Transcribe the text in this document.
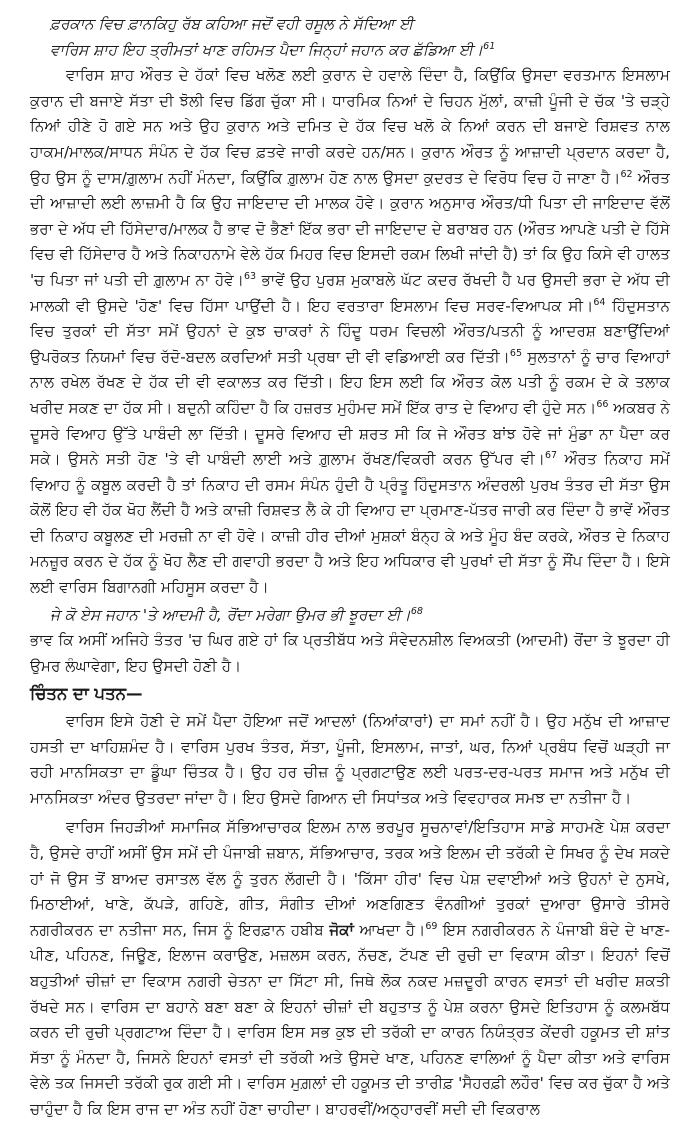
ਫ਼ਰਕਾਨ ਵਿਚ ਫ਼ਾਨਕਿਹੁ ਰੱਬ ਕਹਿਆ ਜਦੋਂ ਵਹੀ ਰਸੂਲ ਨੇ ਸੱਦਿਆ ਈ
ਵਾਰਿਸ ਸ਼ਾਹ ਇਹ ਤ੍ਰੀਮਤਾਂ ਖਾਣ ਰਹਿਮਤ ਪੈਦਾ ਜਿਨ੍ਹਾਂ ਜਹਾਨ ਕਰ ਛੱਡਿਆ ਈ।$^{61}$

ਵਾਰਿਸ ਸ਼ਾਹ ਔਰਤ ਦੇ ਹੱਕਾਂ ਵਿਚ ਖਲੋਣ ਲਈ ਕੁਰਾਨ ਦੇ ਹਵਾਲੇ ਦਿੰਦਾ ਹੈ, ਕਿਉਂਕਿ ਉਸਦਾ ਵਰਤਮਾਨ ਇਸਲਾਮ ਕੁਰਾਨ ਦੀ ਬਜਾਏ ਸੱਤਾ ਦੀ ਝੋਲੀ ਵਿਚ ਡਿੱਗ ਚੁੱਕਾ ਸੀ। ਧਾਰਮਿਕ ਨਿਆਂ ਦੇ ਚਿਹਨ ਮੁੱਲਾਂ, ਕਾਜ਼ੀ ਪੂੰਜੀ ਦੇ ਚੱਕ 'ਤੇ ਚੜ੍ਹੇ ਨਿਆਂ ਹੀਣੇ ਹੋ ਗਏ ਸਨ ਅਤੇ ਉਹ ਕੁਰਾਨ ਅਤੇ ਦਮਿਤ ਦੇ ਹੱਕ ਵਿਚ ਖਲੋ ਕੇ ਨਿਆਂ ਕਰਨ ਦੀ ਬਜਾਏ ਰਿਸ਼ਵਤ ਨਾਲ ਹਾਕਮ/ਮਾਲਕ/ਸਾਧਨ ਸੰਪੰਨ ਦੇ ਹੱਕ ਵਿਚ ਫ਼ਤਵੇ ਜਾਰੀ ਕਰਦੇ ਹਨ/ਸਨ। ਕੁਰਾਨ ਔਰਤ ਨੂੰ ਆਜ਼ਾਦੀ ਪ੍ਰਦਾਨ ਕਰਦਾ ਹੈ, ਉਹ ਉਸ ਨੂੰ ਦਾਸ/ਗ਼ੁਲਾਮ ਨਹੀਂ ਮੰਨਦਾ, ਕਿਉਂਕਿ ਗ਼ੁਲਾਮ ਹੋਣ ਨਾਲ ਉਸਦਾ ਕੁਦਰਤ ਦੇ ਵਿਰੋਧ ਵਿਚ ਹੋ ਜਾਣਾ ਹੈ।$^{62}$ ਔਰਤ ਦੀ ਆਜ਼ਾਦੀ ਲਈ ਲਾਜ਼ਮੀ ਹੈ ਕਿ ਉਹ ਜਾਇਦਾਦ ਦੀ ਮਾਲਕ ਹੋਵੇ। ਕੁਰਾਨ ਅਨੁਸਾਰ ਔਰਤ/ਧੀ ਪਿਤਾ ਦੀ ਜਾਇਦਾਦ ਵੱਲੋਂ ਭਰਾ ਦੇ ਅੱਧ ਦੀ ਹਿੱਸੇਦਾਰ/ਮਾਲਕ ਹੈ ਭਾਵ ਦੋ ਭੈਣਾਂ ਇੱਕ ਭਰਾ ਦੀ ਜਾਇਦਾਦ ਦੇ ਬਰਾਬਰ ਹਨ (ਔਰਤ ਆਪਣੇ ਪਤੀ ਦੇ ਹਿੱਸੇ ਵਿਚ ਵੀ ਹਿੱਸੇਦਾਰ ਹੈ ਅਤੇ ਨਿਕਾਹਨਾਮੇ ਵੇਲੇ ਹੱਕ ਮਿਹਰ ਵਿਚ ਇਸਦੀ ਰਕਮ ਲਿਖੀ ਜਾਂਦੀ ਹੈ) ਤਾਂ ਕਿ ਉਹ ਕਿਸੇ ਵੀ ਹਾਲਤ 'ਚ ਪਿਤਾ ਜਾਂ ਪਤੀ ਦੀ ਗ਼ੁਲਾਮ ਨਾ ਹੋਵੇ।$^{63}$ ਭਾਵੇਂ ਉਹ ਪੁਰਸ਼ ਮੁਕਾਬਲੇ ਘੱਟ ਕਦਰ ਰੱਖਦੀ ਹੈ ਪਰ ਉਸਦੀ ਭਰਾ ਦੇ ਅੱਧ ਦੀ ਮਾਲਕੀ ਵੀ ਉਸਦੇ 'ਹੋਣ' ਵਿਚ ਹਿੱਸਾ ਪਾਉਂਦੀ ਹੈ। ਇਹ ਵਰਤਾਰਾ ਇਸਲਾਮ ਵਿਚ ਸਰਵ-ਵਿਆਪਕ ਸੀ।$^{64}$ ਹਿੰਦੁਸਤਾਨ ਵਿਚ ਤੁਰਕਾਂ ਦੀ ਸੱਤਾ ਸਮੇਂ ਉਹਨਾਂ ਦੇ ਕੁਝ ਚਾਕਰਾਂ ਨੇ ਹਿੰਦੂ ਧਰਮ ਵਿਚਲੀ ਔਰਤ/ਪਤਨੀ ਨੂੰ ਆਦਰਸ਼ ਬਣਾਉਂਦਿਆਂ ਉਪਰੋਕਤ ਨਿਯਮਾਂ ਵਿਚ ਰੱਦੋ-ਬਦਲ ਕਰਦਿਆਂ ਸਤੀ ਪ੍ਰਥਾ ਦੀ ਵੀ ਵਡਿਆਈ ਕਰ ਦਿੱਤੀ।$^{65}$ ਸੁਲਤਾਨਾਂ ਨੂੰ ਚਾਰ ਵਿਆਹਾਂ ਨਾਲ ਰਖੇਲ ਰੱਖਣ ਦੇ ਹੱਕ ਦੀ ਵੀ ਵਕਾਲਤ ਕਰ ਦਿੱਤੀ। ਇਹ ਇਸ ਲਈ ਕਿ ਔਰਤ ਕੋਲ ਪਤੀ ਨੂੰ ਰਕਮ ਦੇ ਕੇ ਤਲਾਕ ਖਰੀਦ ਸਕਣ ਦਾ ਹੱਕ ਸੀ। ਬਦੁਨੀ ਕਹਿੰਦਾ ਹੈ ਕਿ ਹਜ਼ਰਤ ਮੁਹੰਮਦ ਸਮੇਂ ਇੱਕ ਰਾਤ ਦੇ ਵਿਆਹ ਵੀ ਹੁੰਦੇ ਸਨ।$^{66}$ ਅਕਬਰ ਨੇ ਦੂਸਰੇ ਵਿਆਹ ਉੱਤੇ ਪਾਬੰਦੀ ਲਾ ਦਿੱਤੀ। ਦੂਸਰੇ ਵਿਆਹ ਦੀ ਸ਼ਰਤ ਸੀ ਕਿ ਜੇ ਔਰਤ ਬਾਂਝ ਹੋਵੇ ਜਾਂ ਮੁੰਡਾ ਨਾ ਪੈਦਾ ਕਰ ਸਕੇ। ਉਸਨੇ ਸਤੀ ਹੋਣ 'ਤੇ ਵੀ ਪਾਬੰਦੀ ਲਾਈ ਅਤੇ ਗ਼ੁਲਾਮ ਰੱਖਣ/ਵਿਕਰੀ ਕਰਨ ਉੱਪਰ ਵੀ।$^{67}$ ਔਰਤ ਨਿਕਾਹ ਸਮੇਂ ਵਿਆਹ ਨੂੰ ਕਬੂਲ ਕਰਦੀ ਹੈ ਤਾਂ ਨਿਕਾਹ ਦੀ ਰਸਮ ਸੰਪੰਨ ਹੁੰਦੀ ਹੈ ਪ੍ਰੰਤੂ ਹਿੰਦੁਸਤਾਨ ਅੰਦਰਲੀ ਪੁਰਖ ਤੰਤਰ ਦੀ ਸੱਤਾ ਉਸ ਕੋਲੋਂ ਇਹ ਵੀ ਹੱਕ ਖੋਹ ਲੈਂਦੀ ਹੈ ਅਤੇ ਕਾਜ਼ੀ ਰਿਸ਼ਵਤ ਲੈ ਕੇ ਹੀ ਵਿਆਹ ਦਾ ਪ੍ਰਮਾਣ-ਪੱਤਰ ਜਾਰੀ ਕਰ ਦਿੰਦਾ ਹੈ ਭਾਵੇਂ ਔਰਤ ਦੀ ਨਿਕਾਹ ਕਬੂਲਣ ਦੀ ਮਰਜ਼ੀ ਨਾ ਵੀ ਹੋਵੇ। ਕਾਜ਼ੀ ਹੀਰ ਦੀਆਂ ਮੁਸ਼ਕਾਂ ਬੰਨ੍ਹ ਕੇ ਅਤੇ ਮੂੰਹ ਬੰਦ ਕਰਕੇ, ਔਰਤ ਦੇ ਨਿਕਾਹ ਮਨਜ਼ੂਰ ਕਰਨ ਦੇ ਹੱਕ ਨੂੰ ਖੋਹ ਲੈਣ ਦੀ ਗਵਾਹੀ ਭਰਦਾ ਹੈ ਅਤੇ ਇਹ ਅਧਿਕਾਰ ਵੀ ਪੁਰਖਾਂ ਦੀ ਸੱਤਾ ਨੂੰ ਸੌਂਪ ਦਿੰਦਾ ਹੈ। ਇਸੇ ਲਈ ਵਾਰਿਸ ਬਿਗਾਨਗੀ ਮਹਿਸੂਸ ਕਰਦਾ ਹੈ।

ਜੇ ਕੋ ਏਸ ਜਹਾਨ 'ਤੇ ਆਦਮੀ ਹੈ, ਰੋਂਦਾ ਮਰੇਗਾ ਉਮਰ ਭੀ ਝੂਰਦਾ ਈ।$^{68}$

ਭਾਵ ਕਿ ਅਸੀਂ ਅਜਿਹੇ ਤੰਤਰ 'ਚ ਘਿਰ ਗਏ ਹਾਂ ਕਿ ਪ੍ਰਤੀਬੱਧ ਅਤੇ ਸੰਵੇਦਨਸ਼ੀਲ ਵਿਅਕਤੀ (ਆਦਮੀ) ਰੋਂਦਾ ਤੇ ਝੂਰਦਾ ਹੀ ਉਮਰ ਲੰਘਾਵੇਗਾ, ਇਹ ਉਸਦੀ ਹੋਣੀ ਹੈ।

ਚਿੰਤਨ ਦਾ ਪਤਨ—

ਵਾਰਿਸ ਇਸੇ ਹੋਣੀ ਦੇ ਸਮੇਂ ਪੈਦਾ ਹੋਇਆ ਜਦੋਂ ਆਦਲਾਂ (ਨਿਆਂਕਾਰਾਂ) ਦਾ ਸਮਾਂ ਨਹੀਂ ਹੈ। ਉਹ ਮਨੁੱਖ ਦੀ ਆਜ਼ਾਦ ਹਸਤੀ ਦਾ ਖਾਹਿਸ਼ਮੰਦ ਹੈ। ਵਾਰਿਸ ਪੁਰਖ ਤੰਤਰ, ਸੱਤਾ, ਪੂੰਜੀ, ਇਸਲਾਮ, ਜਾਤਾਂ, ਘਰ, ਨਿਆਂ ਪ੍ਰਬੰਧ ਵਿਚੋਂ ਘੜ੍ਹੀ ਜਾ ਰਹੀ ਮਾਨਸਿਕਤਾ ਦਾ ਡੂੰਘਾ ਚਿੰਤਕ ਹੈ। ਉਹ ਹਰ ਚੀਜ਼ ਨੂੰ ਪ੍ਰਗਟਾਉਣ ਲਈ ਪਰਤ-ਦਰ-ਪਰਤ ਸਮਾਜ ਅਤੇ ਮਨੁੱਖ ਦੀ ਮਾਨਸਿਕਤਾ ਅੰਦਰ ਉਤਰਦਾ ਜਾਂਦਾ ਹੈ। ਇਹ ਉਸਦੇ ਗਿਆਨ ਦੀ ਸਿਧਾਂਤਕ ਅਤੇ ਵਿਵਹਾਰਕ ਸਮਝ ਦਾ ਨਤੀਜਾ ਹੈ।

ਵਾਰਿਸ ਜਿਹੜੀਆਂ ਸਮਾਜਿਕ ਸੱਭਿਆਚਾਰਕ ਇਲਮ ਨਾਲ ਭਰਪੂਰ ਸੂਚਨਾਵਾਂ/ਇਤਿਹਾਸ ਸਾਡੇ ਸਾਹਮਣੇ ਪੇਸ਼ ਕਰਦਾ ਹੈ, ਉਸਦੇ ਰਾਹੀਂ ਅਸੀਂ ਉਸ ਸਮੇਂ ਦੀ ਪੰਜਾਬੀ ਜ਼ਬਾਨ, ਸੱਭਿਆਚਾਰ, ਤਰਕ ਅਤੇ ਇਲਮ ਦੀ ਤਰੱਕੀ ਦੇ ਸਿਖਰ ਨੂੰ ਦੇਖ ਸਕਦੇ ਹਾਂ ਜੋ ਉਸ ਤੋਂ ਬਾਅਦ ਰਸਾਤਲ ਵੱਲ ਨੂੰ ਤੁਰਨ ਲੱਗਦੀ ਹੈ। 'ਕਿੱਸਾ ਹੀਰ' ਵਿਚ ਪੇਸ਼ ਦਵਾਈਆਂ ਅਤੇ ਉਹਨਾਂ ਦੇ ਨੁਸਖੇ, ਮਿਠਾਈਆਂ, ਖਾਣੇ, ਕੱਪੜੇ, ਗਹਿਣੇ, ਗੀਤ, ਸੰਗੀਤ ਦੀਆਂ ਅਣਗਿਣਤ ਵੰਨਗੀਆਂ ਤੁਰਕਾਂ ਦੁਆਰਾ ਉਸਾਰੇ ਤੀਸਰੇ ਨਗਰੀਕਰਨ ਦਾ ਨਤੀਜਾ ਸਨ, ਜਿਸ ਨੂੰ ਇਰਫ਼ਾਨ ਹਬੀਬ ਜੋਕਾਂ ਆਖਦਾ ਹੈ।$^{69}$ ਇਸ ਨਗਰੀਕਰਨ ਨੇ ਪੰਜਾਬੀ ਬੰਦੇ ਦੇ ਖਾਣ-ਪੀਣ, ਪਹਿਨਣ, ਜਿਊਣ, ਇਲਾਜ ਕਰਾਉਣ, ਮਜ਼ਲਸ ਕਰਨ, ਨੱਚਣ, ਟੱਪਣ ਦੀ ਰੁਚੀ ਦਾ ਵਿਕਾਸ ਕੀਤਾ। ਇਹਨਾਂ ਵਿਚੋਂ ਬਹੁਤੀਆਂ ਚੀਜ਼ਾਂ ਦਾ ਵਿਕਾਸ ਨਗਰੀ ਚੇਤਨਾ ਦਾ ਸਿੱਟਾ ਸੀ, ਜਿਥੇ ਲੋਕ ਨਕਦ ਮਜ਼ਦੂਰੀ ਕਾਰਨ ਵਸਤਾਂ ਦੀ ਖਰੀਦ ਸ਼ਕਤੀ ਰੱਖਦੇ ਸਨ। ਵਾਰਿਸ ਦਾ ਬਹਾਨੇ ਬਣਾ ਬਣਾ ਕੇ ਇਹਨਾਂ ਚੀਜ਼ਾਂ ਦੀ ਬਹੁਤਾਤ ਨੂੰ ਪੇਸ਼ ਕਰਨਾ ਉਸਦੇ ਇਤਿਹਾਸ ਨੂੰ ਕਲਮਬੱਧ ਕਰਨ ਦੀ ਰੁਚੀ ਪ੍ਰਗਟਾਅ ਦਿੰਦਾ ਹੈ। ਵਾਰਿਸ ਇਸ ਸਭ ਕੁਝ ਦੀ ਤਰੱਕੀ ਦਾ ਕਾਰਨ ਨਿਯੰਤ੍ਰਤ ਕੇਂਦਰੀ ਹਕੂਮਤ ਦੀ ਸ਼ਾਂਤ ਸੱਤਾ ਨੂੰ ਮੰਨਦਾ ਹੈ, ਜਿਸਨੇ ਇਹਨਾਂ ਵਸਤਾਂ ਦੀ ਤਰੱਕੀ ਅਤੇ ਉਸਦੇ ਖਾਣ, ਪਹਿਨਣ ਵਾਲਿਆਂ ਨੂੰ ਪੈਦਾ ਕੀਤਾ ਅਤੇ ਵਾਰਿਸ ਵੇਲੇ ਤਕ ਜਿਸਦੀ ਤਰੱਕੀ ਰੁਕ ਗਈ ਸੀ। ਵਾਰਿਸ ਮੁਗ਼ਲਾਂ ਦੀ ਹਕੂਮਤ ਦੀ ਤਾਰੀਫ਼ 'ਸੈਹਰਫ਼ੀ ਲਹੌਰ' ਵਿਚ ਕਰ ਚੁੱਕਾ ਹੈ ਅਤੇ ਚਾਹੁੰਦਾ ਹੈ ਕਿ ਇਸ ਰਾਜ ਦਾ ਅੰਤ ਨਹੀਂ ਹੋਣਾ ਚਾਹੀਦਾ। ਬਾਹਰਵੀਂ/ਅਠ੍ਹਾਰਵੀਂ ਸਦੀ ਦੀ ਵਿਕਰਾਲ
